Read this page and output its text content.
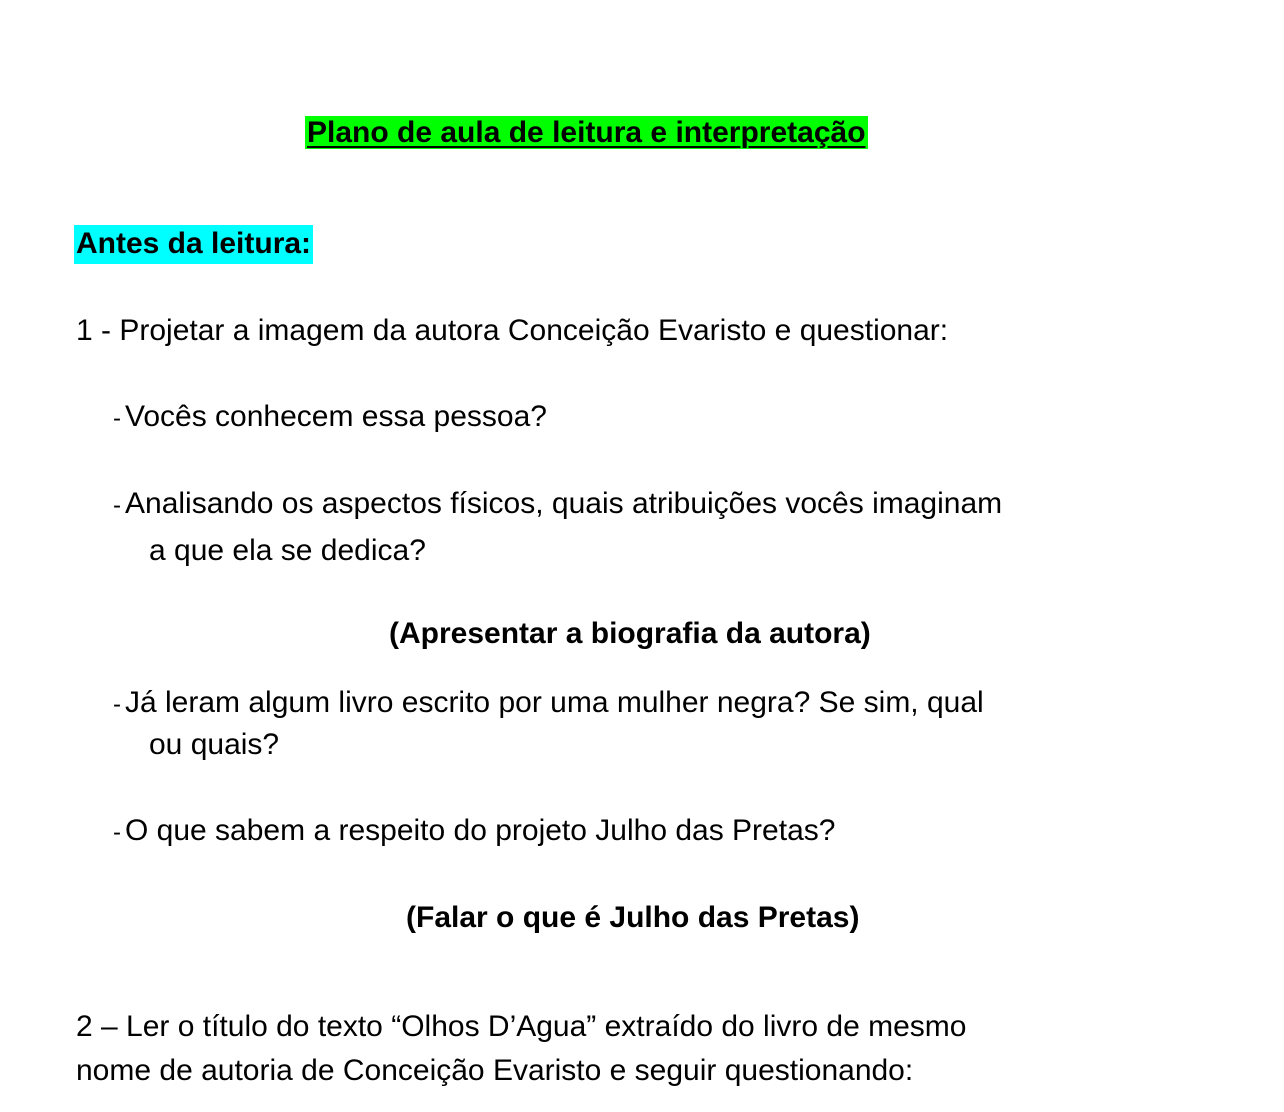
Plano de aula de leitura e interpretação
Antes da leitura:
1 - Projetar a imagem da autora Conceição Evaristo e questionar:
- Vocês conhecem essa pessoa?
- Analisando os aspectos físicos, quais atribuições vocês imaginam
a que ela se dedica?
(Apresentar a biografia da autora)
- Já leram algum livro escrito por uma mulher negra? Se sim, qual
ou quais?
- O que sabem a respeito do projeto Julho das Pretas?
(Falar o que é Julho das Pretas)
2 – Ler o título do texto “Olhos D’Agua” extraído do livro de mesmo
nome de autoria de Conceição Evaristo e seguir questionando:
